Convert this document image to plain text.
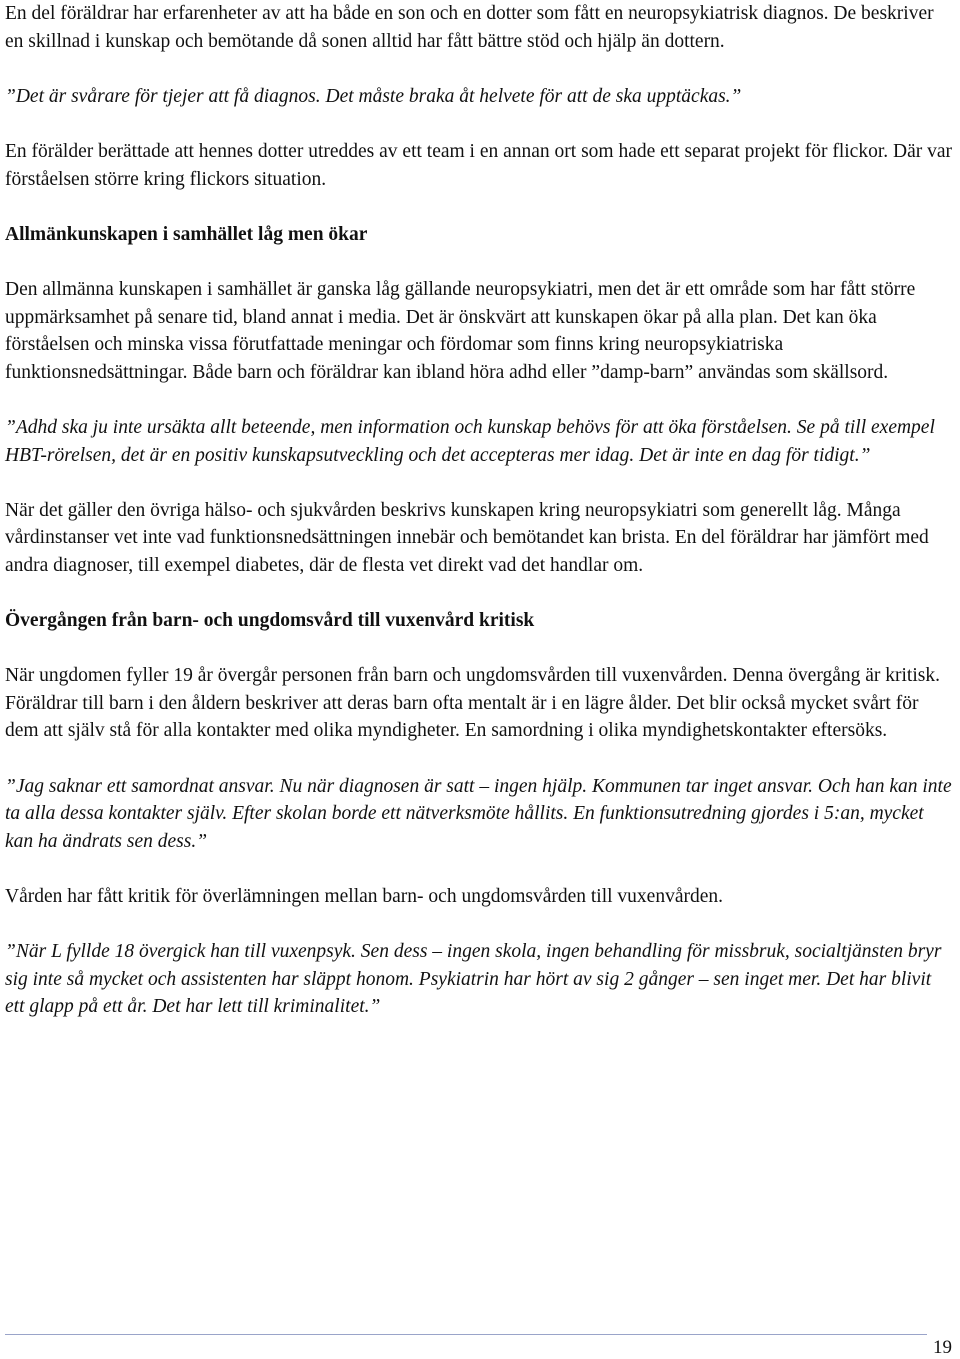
En del föräldrar har erfarenheter av att ha både en son och en dotter som fått en neuropsykiatrisk diagnos. De beskriver en skillnad i kunskap och bemötande då sonen alltid har fått bättre stöd och hjälp än dottern.

”Det är svårare för tjejer att få diagnos. Det måste braka åt helvete för att de ska upptäckas.”

En förälder berättade att hennes dotter utreddes av ett team i en annan ort som hade ett separat projekt för flickor. Där var förståelsen större kring flickors situation.

Allmänkunskapen i samhället låg men ökar

Den allmänna kunskapen i samhället är ganska låg gällande neuropsykiatri, men det är ett område som har fått större uppmärksamhet på senare tid, bland annat i media. Det är önskvärt att kunskapen ökar på alla plan. Det kan öka förståelsen och minska vissa förutfattade meningar och fördomar som finns kring neuropsykiatriska funktionsnedsättningar. Både barn och föräldrar kan ibland höra adhd eller ”damp-barn” användas som skällsord.

”Adhd ska ju inte ursäkta allt beteende, men information och kunskap behövs för att öka förståelsen. Se på till exempel HBT-rörelsen, det är en positiv kunskapsutveckling och det accepteras mer idag. Det är inte en dag för tidigt.”

När det gäller den övriga hälso- och sjukvården beskrivs kunskapen kring neuropsykiatri som generellt låg. Många vårdinstanser vet inte vad funktionsnedsättningen innebär och bemötandet kan brista. En del föräldrar har jämfört med andra diagnoser, till exempel diabetes, där de flesta vet direkt vad det handlar om.

Övergången från barn- och ungdomsvård till vuxenvård kritisk

När ungdomen fyller 19 år övergår personen från barn och ungdomsvården till vuxenvården. Denna övergång är kritisk. Föräldrar till barn i den åldern beskriver att deras barn ofta mentalt är i en lägre ålder. Det blir också mycket svårt för dem att själv stå för alla kontakter med olika myndigheter. En samordning i olika myndighetskontakter eftersöks.

”Jag saknar ett samordnat ansvar. Nu när diagnosen är satt – ingen hjälp. Kommunen tar inget ansvar. Och han kan inte ta alla dessa kontakter själv. Efter skolan borde ett nätverksmöte hållits. En funktionsutredning gjordes i 5:an, mycket kan ha ändrats sen dess.”

Vården har fått kritik för överlämningen mellan barn- och ungdomsvården till vuxenvården.

”När L fyllde 18 övergick han till vuxenpsyk. Sen dess – ingen skola, ingen behandling för missbruk, socialtjänsten bryr sig inte så mycket och assistenten har släppt honom. Psykiatrin har hört av sig 2 gånger – sen inget mer. Det har blivit ett glapp på ett år. Det har lett till kriminalitet.”

19
